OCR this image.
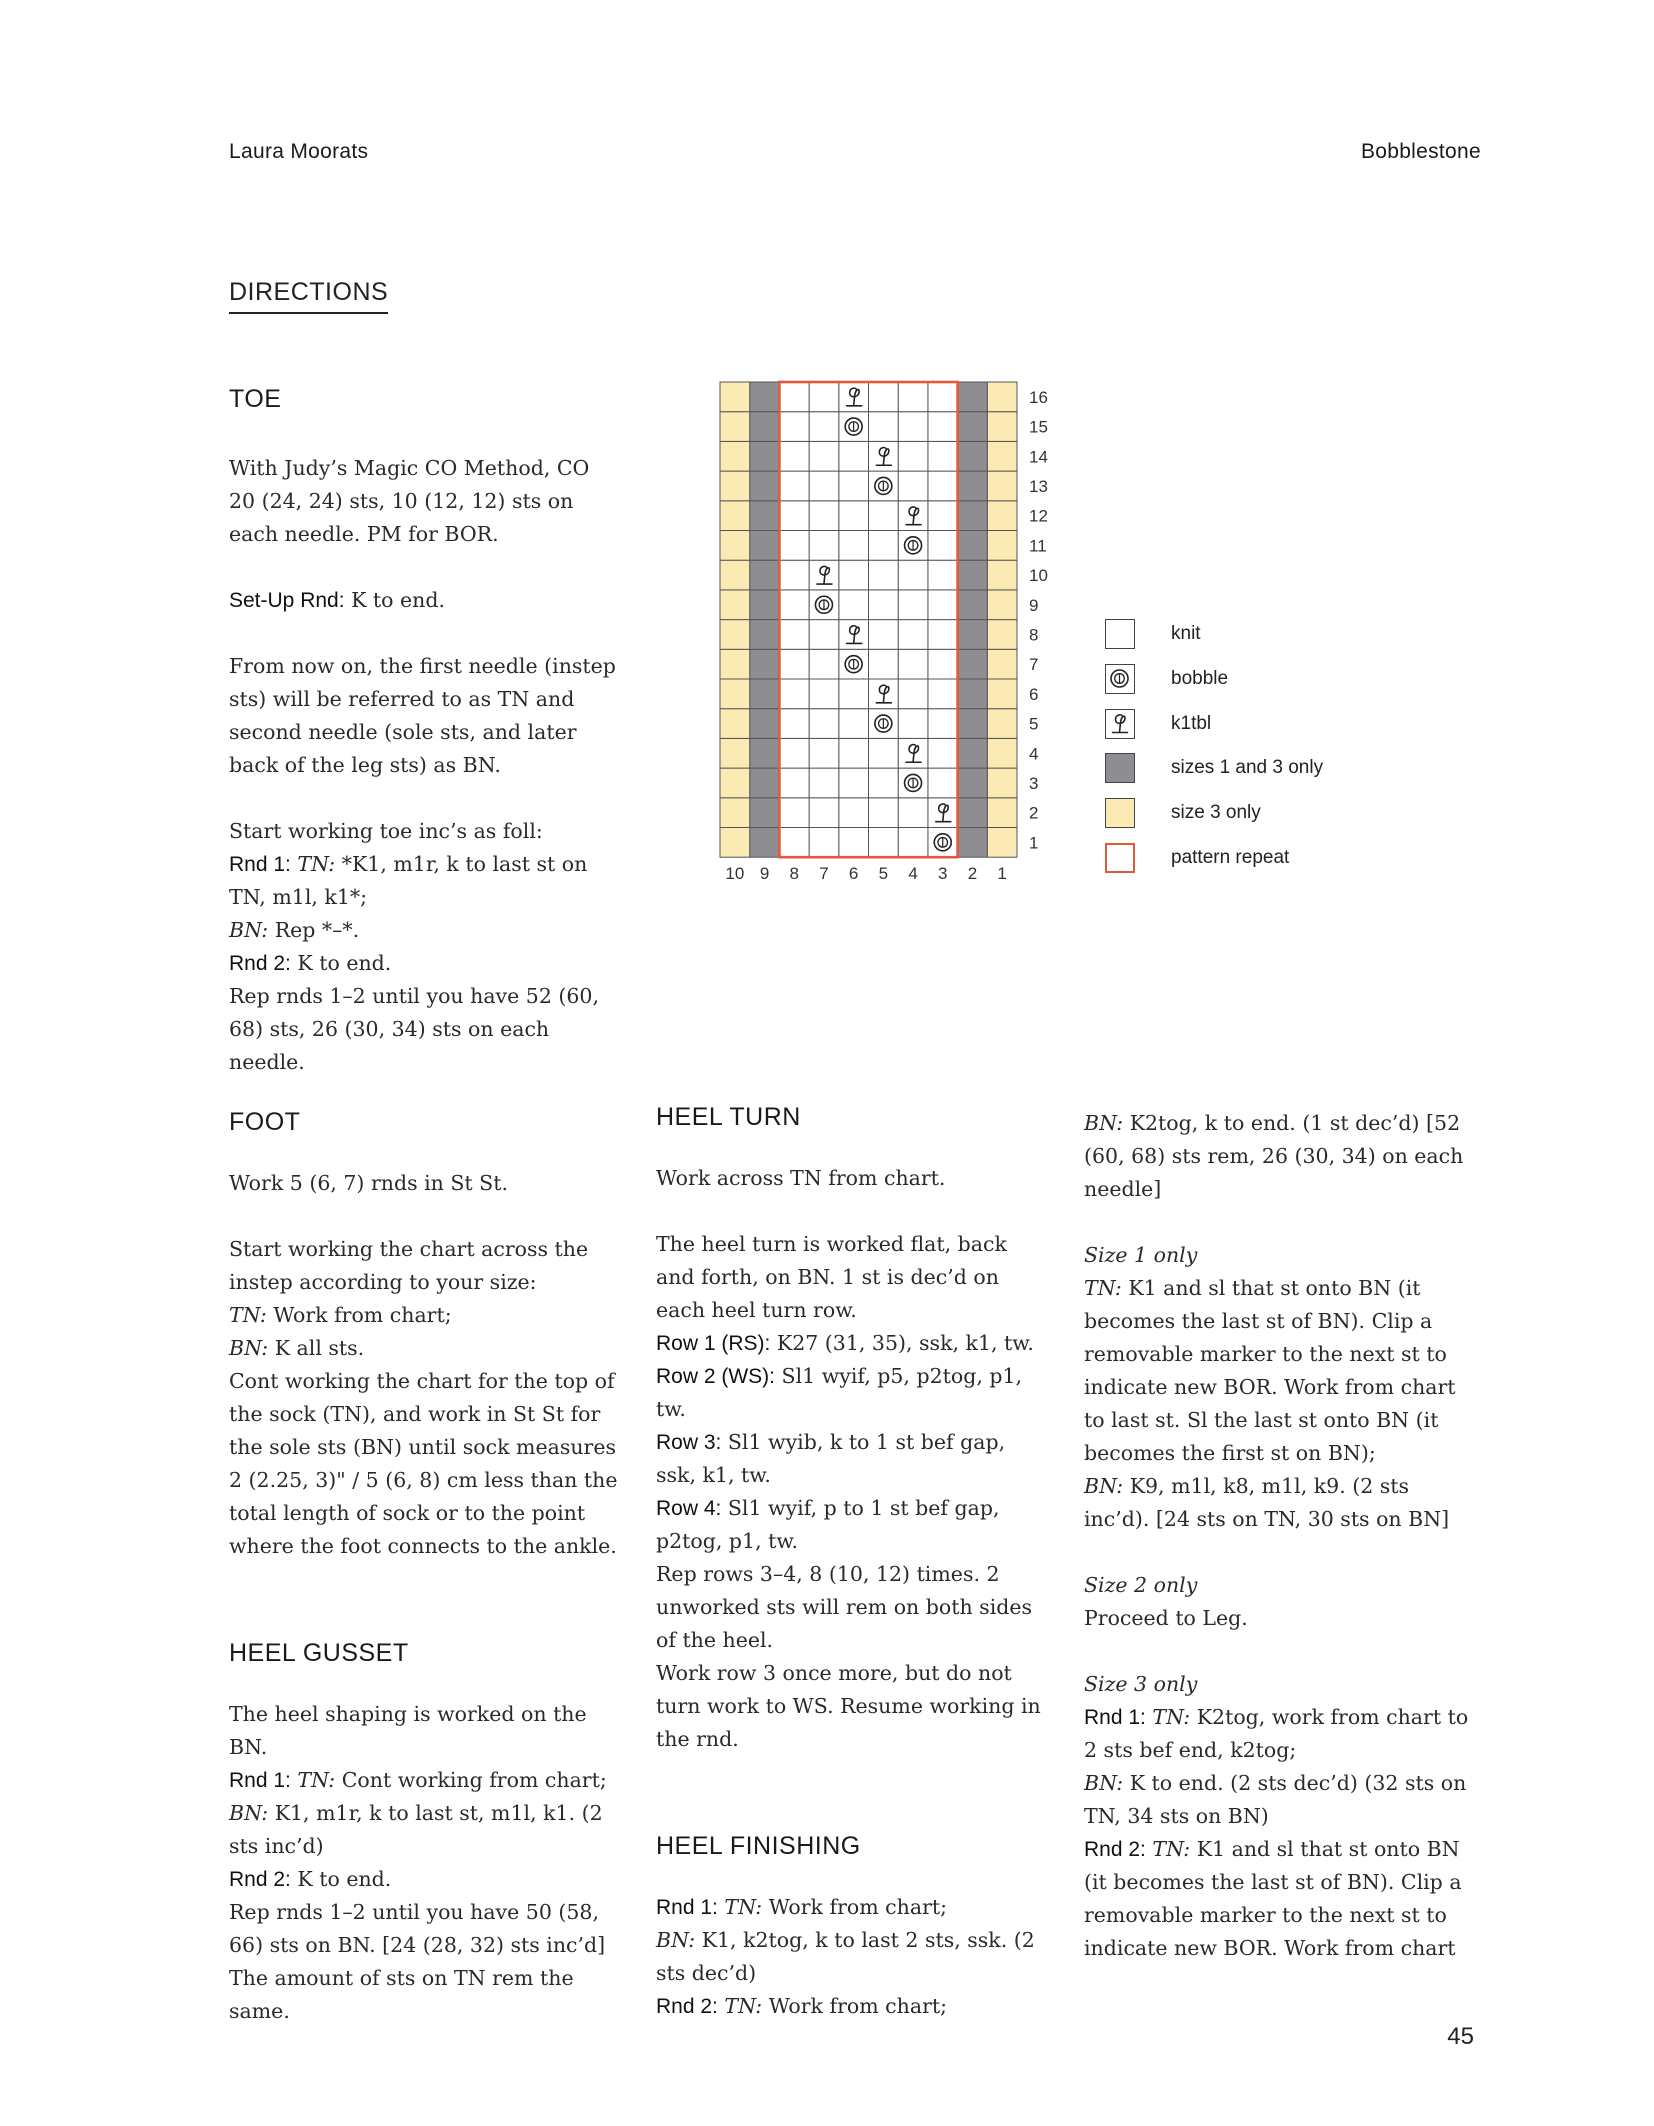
Laura Moorats	Bobblestone
DIRECTIONS
TOE

With Judy’s Magic CO Method, CO 20 (24, 24) sts, 10 (12, 12) sts on each needle. PM for BOR.

Set-Up Rnd: K to end.

From now on, the first needle (instep sts) will be referred to as TN and second needle (sole sts, and later back of the leg sts) as BN.

Start working toe inc’s as foll:

Rnd 1: TN: *K1, m1r, k to last st on TN, m1l, k1*;

BN: Rep *–*.

Rnd 2: K to end.

Rep rnds 1–2 until you have 52 (60, 68) sts, 26 (30, 34) sts on each needle.

16
15
14
13
12
11
10
9
8
7
6
5
4
3
2
1
10 9 8 7 6 5 4 3 2 1
knit
bobble
k1tbl
sizes 1 and 3 only
size 3 only
pattern repeat
FOOT

Work 5 (6, 7) rnds in St St.

Start working the chart across the instep according to your size:

TN: Work from chart;

BN: K all sts.

Cont working the chart for the top of the sock (TN), and work in St St for the sole sts (BN) until sock measures 2 (2.25, 3)" / 5 (6, 8) cm less than the total length of sock or to the point where the foot connects to the ankle.

HEEL GUSSET

The heel shaping is worked on the BN.

Rnd 1: TN: Cont working from chart;

BN: K1, m1r, k to last st, m1l, k1. (2 sts inc’d)

Rnd 2: K to end.

Rep rnds 1–2 until you have 50 (58, 66) sts on BN. [24 (28, 32) sts inc’d]

The amount of sts on TN rem the same.

HEEL TURN

Work across TN from chart.

The heel turn is worked flat, back and forth, on BN. 1 st is dec’d on each heel turn row.

Row 1 (RS): K27 (31, 35), ssk, k1, tw.

Row 2 (WS): Sl1 wyif, p5, p2tog, p1, tw.

Row 3: Sl1 wyib, k to 1 st bef gap, ssk, k1, tw.

Row 4: Sl1 wyif, p to 1 st bef gap, p2tog, p1, tw.

Rep rows 3–4, 8 (10, 12) times. 2 unworked sts will rem on both sides of the heel.

Work row 3 once more, but do not turn work to WS. Resume working in the rnd.

HEEL FINISHING

Rnd 1: TN: Work from chart;

BN: K1, k2tog, k to last 2 sts, ssk. (2 sts dec’d)

Rnd 2: TN: Work from chart;

BN: K2tog, k to end. (1 st dec’d) [52 (60, 68) sts rem, 26 (30, 34) on each needle]

Size 1 only

TN: K1 and sl that st onto BN (it becomes the last st of BN). Clip a removable marker to the next st to indicate new BOR. Work from chart to last st. Sl the last st onto BN (it becomes the first st on BN);

BN: K9, m1l, k8, m1l, k9. (2 sts inc’d). [24 sts on TN, 30 sts on BN]

Size 2 only

Proceed to Leg.

Size 3 only

Rnd 1: TN: K2tog, work from chart to 2 sts bef end, k2tog;

BN: K to end. (2 sts dec’d) (32 sts on TN, 34 sts on BN)

Rnd 2: TN: K1 and sl that st onto BN (it becomes the last st of BN). Clip a removable marker to the next st to indicate new BOR. Work from chart

45
